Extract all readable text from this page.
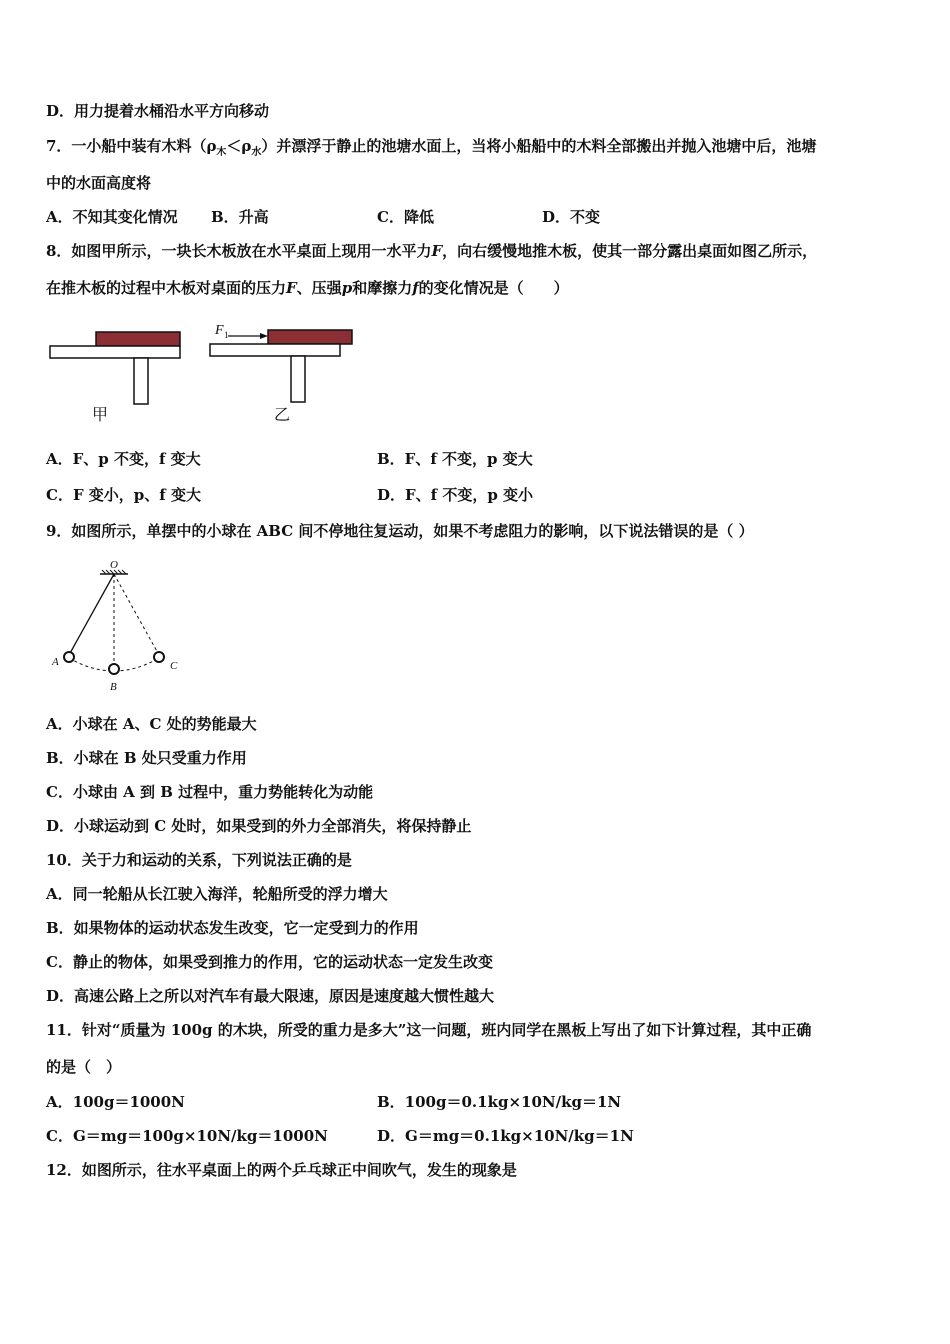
D．用力提着水桶沿水平方向移动
7．一小船中装有木料$(\rho_木<\rho_水)$并漂浮于静止的池塘水面上，当将小船船中的木料全部搬出并抛入池塘中后，池塘
中的水面高度将
A．不知其变化情况 B．升高	C．降低	D．不变
8．如图甲所示，一块长木板放在水平桌面上现用一水平力F，向右缓慢地推木板，使其一部分露出桌面如图乙所示，
在推木板的过程中木板对桌面的压力F、压强p和摩擦力f的变化情况是（　　）
甲
F 1
乙
A．F、p 不变，f 变大	B．F、f 不变，p 变大
C．F 变小，p、f 变大	D．F、f 不变，p 变小
9．如图所示，单摆中的小球在 ABC 间不停地往复运动，如果不考虑阻力的影响，以下说法错误的是（ ）
O
A
B
C
A．小球在 A、C 处的势能最大
B．小球在 B 处只受重力作用
C．小球由 A 到 B 过程中，重力势能转化为动能
D．小球运动到 C 处时，如果受到的外力全部消失，将保持静止
10．关于力和运动的关系，下列说法正确的是
A．同一轮船从长江驶入海洋，轮船所受的浮力增大
B．如果物体的运动状态发生改变，它一定受到力的作用
C．静止的物体，如果受到推力的作用，它的运动状态一定发生改变
D．高速公路上之所以对汽车有最大限速，原因是速度越大惯性越大
11．针对“质量为 100g 的木块，所受的重力是多大”这一问题，班内同学在黑板上写出了如下计算过程，其中正确
的是（　）
A．100g＝1000N	B．100g＝0.1kg×10N/kg＝1N
C．G＝mg＝100g×10N/kg＝1000N	D．G＝mg＝0.1kg×10N/kg＝1N
12．如图所示，往水平桌面上的两个乒乓球正中间吹气，发生的现象是
